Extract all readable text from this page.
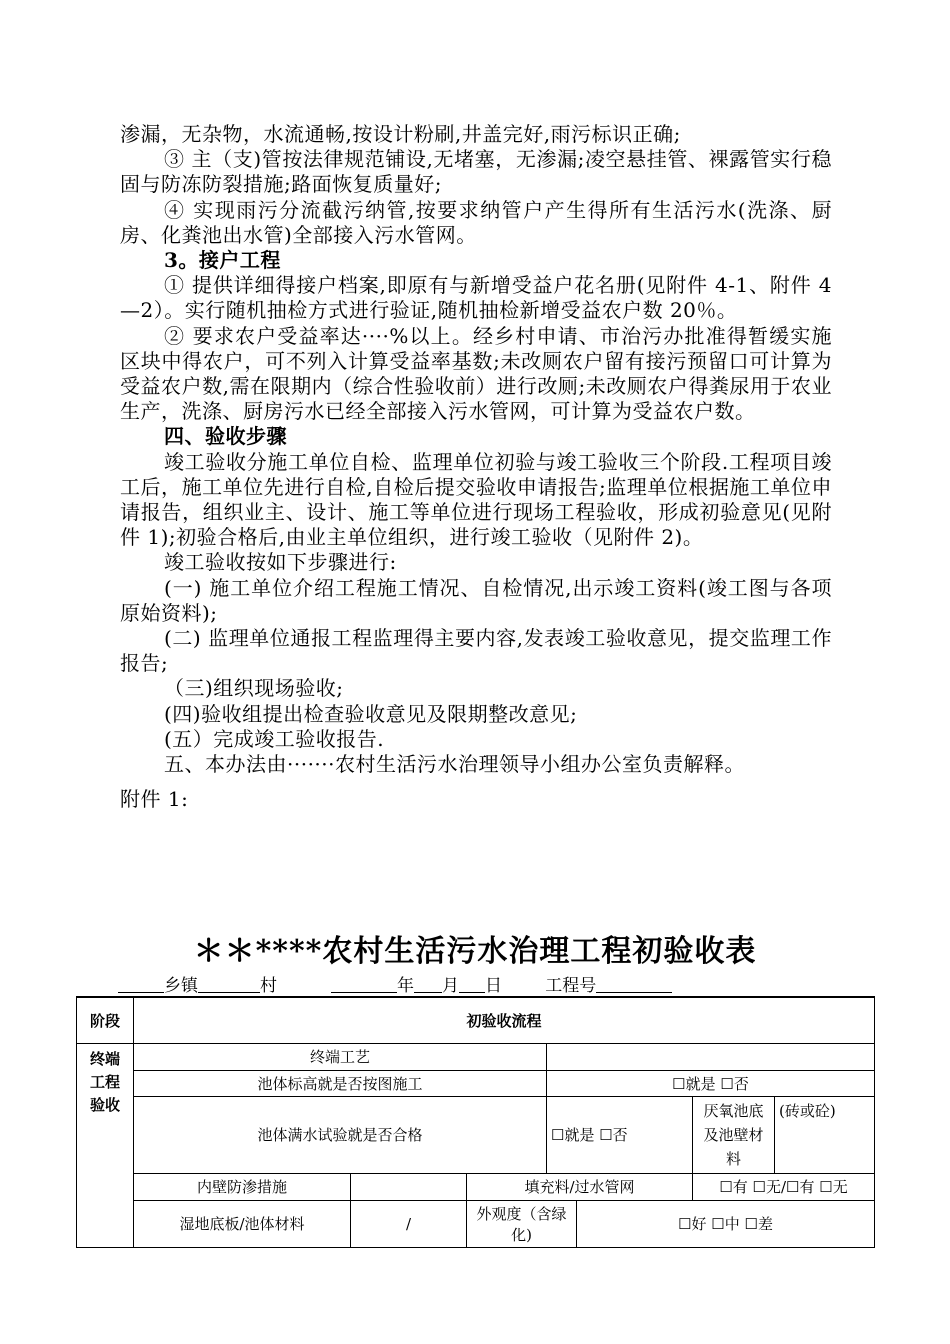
渗漏，无杂物，水流通畅,按设计粉刷,井盖完好,雨污标识正确;

③ 主（支)管按法律规范铺设,无堵塞，无渗漏;凌空悬挂管、裸露管实行稳固与防冻防裂措施;路面恢复质量好;

④ 实现雨污分流截污纳管,按要求纳管户产生得所有生活污水(洗涤、厨房、化粪池出水管)全部接入污水管网。

3。接户工程

① 提供详细得接户档案,即原有与新增受益户花名册(见附件 4-1、附件 4—2）。实行随机抽检方式进行验证,随机抽检新增受益农户数 20％。

② 要求农户受益率达····%以上。经乡村申请、市治污办批准得暂缓实施区块中得农户，可不列入计算受益率基数;未改厕农户留有接污预留口可计算为受益农户数,需在限期内（综合性验收前）进行改厕;未改厕农户得粪尿用于农业生产，洗涤、厨房污水已经全部接入污水管网，可计算为受益农户数。

四、验收步骤

竣工验收分施工单位自检、监理单位初验与竣工验收三个阶段.工程项目竣工后，施工单位先进行自检,自检后提交验收申请报告;监理单位根据施工单位申请报告，组织业主、设计、施工等单位进行现场工程验收，形成初验意见(见附件 1);初验合格后,由业主单位组织，进行竣工验收（见附件 2)。

竣工验收按如下步骤进行:

(一) 施工单位介绍工程施工情况、自检情况,出示竣工资料(竣工图与各项原始资料);

(二) 监理单位通报工程监理得主要内容,发表竣工验收意见，提交监理工作报告;

（三)组织现场验收;

(四)验收组提出检查验收意见及限期整改意见;

(五）完成竣工验收报告.

五、本办法由·······农村生活污水治理领导小组办公室负责解释。

附件 1:

＊＊****农村生活污水治理工程初验收表
乡镇	村	年 月 日	工程号
阶段	初验收流程						

终端
工程
验收	终端工艺						
	池体标高就是否按图施工			☐就是 ☐否			
	池体满水试验就是否合格			☐就是 ☐否		厌氧池底及池壁材料	(砖或砼)
	内壁防渗措施		填充料/过水管网			☐有 ☐无/☐有 ☐无	
	湿地底板/池体材料	/	外观度（含绿化)		☐好 ☐中 ☐差		
